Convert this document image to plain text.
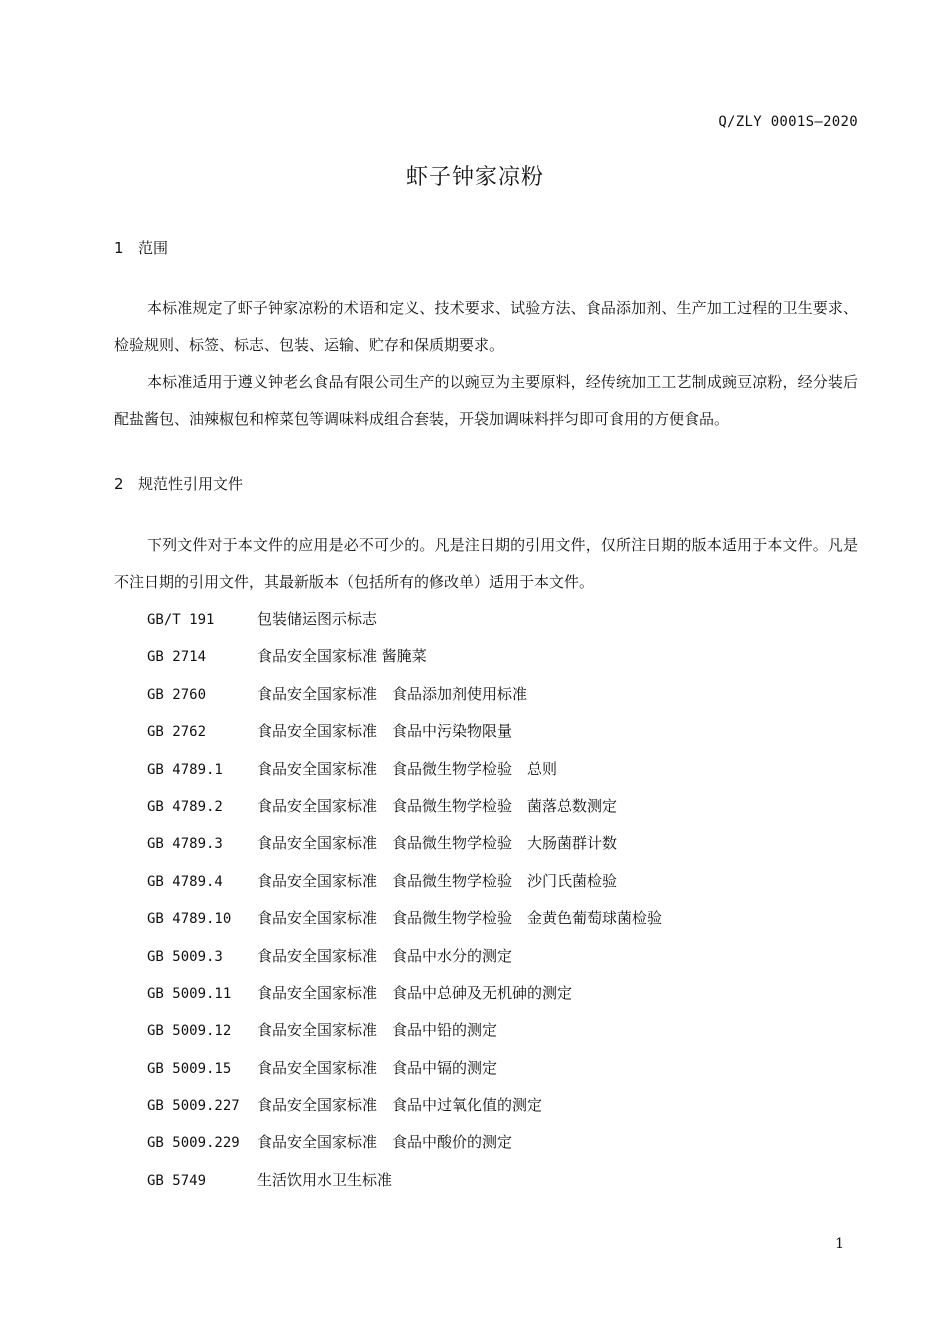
Q/ZLY 0001S—2020
虾子钟家凉粉
1 范围

本标准规定了虾子钟家凉粉的术语和定义、技术要求、试验方法、食品添加剂、生产加工过程的卫生要求、检验规则、标签、标志、包装、运输、贮存和保质期要求。

本标准适用于遵义钟老幺食品有限公司生产的以豌豆为主要原料，经传统加工工艺制成豌豆凉粉，经分装后配盐酱包、油辣椒包和榨菜包等调味料成组合套装，开袋加调味料拌匀即可食用的方便食品。

2 规范性引用文件

下列文件对于本文件的应用是必不可少的。凡是注日期的引用文件，仅所注日期的版本适用于本文件。凡是不注日期的引用文件，其最新版本（包括所有的修改单）适用于本文件。

GB/T 191	包装储运图示标志
GB 2714	食品安全国家标准 酱腌菜
GB 2760	食品安全国家标准　食品添加剂使用标准
GB 2762	食品安全国家标准　食品中污染物限量
GB 4789.1 食品安全国家标准　食品微生物学检验　总则
GB 4789.2 食品安全国家标准　食品微生物学检验　菌落总数测定
GB 4789.3 食品安全国家标准　食品微生物学检验　大肠菌群计数
GB 4789.4 食品安全国家标准　食品微生物学检验　沙门氏菌检验
GB 4789.10 食品安全国家标准　食品微生物学检验　金黄色葡萄球菌检验
GB 5009.3 食品安全国家标准　食品中水分的测定
GB 5009.11 食品安全国家标准　食品中总砷及无机砷的测定
GB 5009.12 食品安全国家标准　食品中铅的测定
GB 5009.15 食品安全国家标准　食品中镉的测定
GB 5009.227 食品安全国家标准　食品中过氧化值的测定
GB 5009.229 食品安全国家标准　食品中酸价的测定
GB 5749	生活饮用水卫生标准
1
